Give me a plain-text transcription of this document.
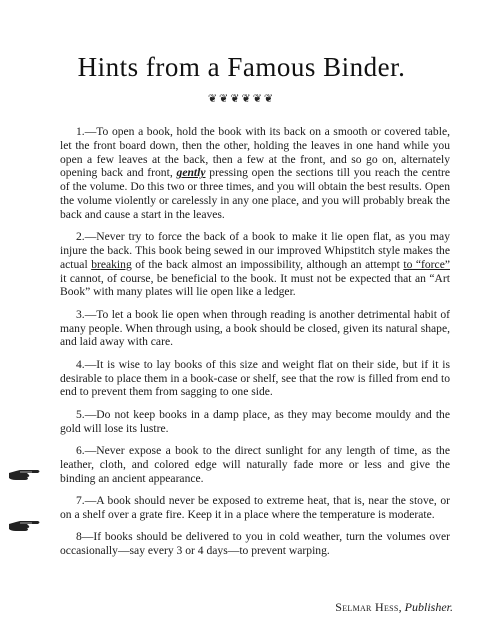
Hints from a Famous Binder.
❦❦❦❦❦❦

1.—To open a book, hold the book with its back on a smooth or covered table, let the front board down, then the other, holding the leaves in one hand while you open a few leaves at the back, then a few at the front, and so go on, alternately opening back and front, gently pressing open the sections till you reach the centre of the volume. Do this two or three times, and you will obtain the best results. Open the volume violently or carelessly in any one place, and you will probably break the back and cause a start in the leaves.

2.—Never try to force the back of a book to make it lie open flat, as you may injure the back. This book being sewed in our improved Whipstitch style makes the actual breaking of the back almost an impossibility, although an attempt to “force” it cannot, of course, be beneficial to the book. It must not be expected that an “Art Book” with many plates will lie open like a ledger.

3.—To let a book lie open when through reading is another detrimental habit of many people. When through using, a book should be closed, given its natural shape, and laid away with care.

4.—It is wise to lay books of this size and weight flat on their side, but if it is desirable to place them in a book-case or shelf, see that the row is filled from end to end to prevent them from sagging to one side.

5.—Do not keep books in a damp place, as they may become mouldy and the gold will lose its lustre.

6.—Never expose a book to the direct sunlight for any length of time, as the leather, cloth, and colored edge will naturally fade more or less and give the binding an ancient appearance.

7.—A book should never be exposed to extreme heat, that is, near the stove, or on a shelf over a grate fire. Keep it in a place where the temperature is moderate.

8—If books should be delivered to you in cold weather, turn the volumes over occasionally—say every 3 or 4 days—to prevent warping.

Selmar Hess, Publisher.
